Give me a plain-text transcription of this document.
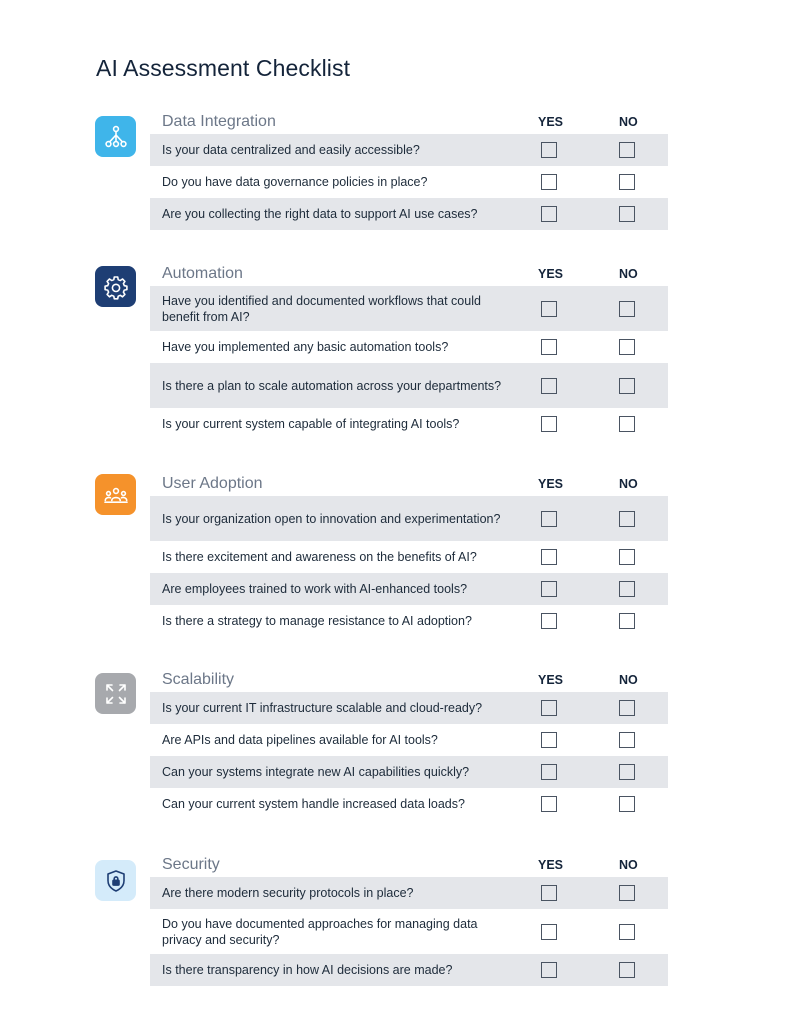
AI Assessment Checklist
Data Integration	YES	NO
Is your data centralized and easily accessible?
Do you have data governance policies in place?
Are you collecting the right data to support AI use cases?
Automation	YES	NO
Have you identified and documented workflows that could benefit from AI?
Have you implemented any basic automation tools?
Is there a plan to scale automation across your departments?
Is your current system capable of integrating AI tools?
User Adoption	YES	NO
Is your organization open to innovation and experimentation?
Is there excitement and awareness on the benefits of AI?
Are employees trained to work with AI-enhanced tools?
Is there a strategy to manage resistance to AI adoption?
Scalability	YES	NO
Is your current IT infrastructure scalable and cloud-ready?
Are APIs and data pipelines available for AI tools?
Can your systems integrate new AI capabilities quickly?
Can your current system handle increased data loads?
Security	YES	NO
Are there modern security protocols in place?
Do you have documented approaches for managing data privacy and security?
Is there transparency in how AI decisions are made?
